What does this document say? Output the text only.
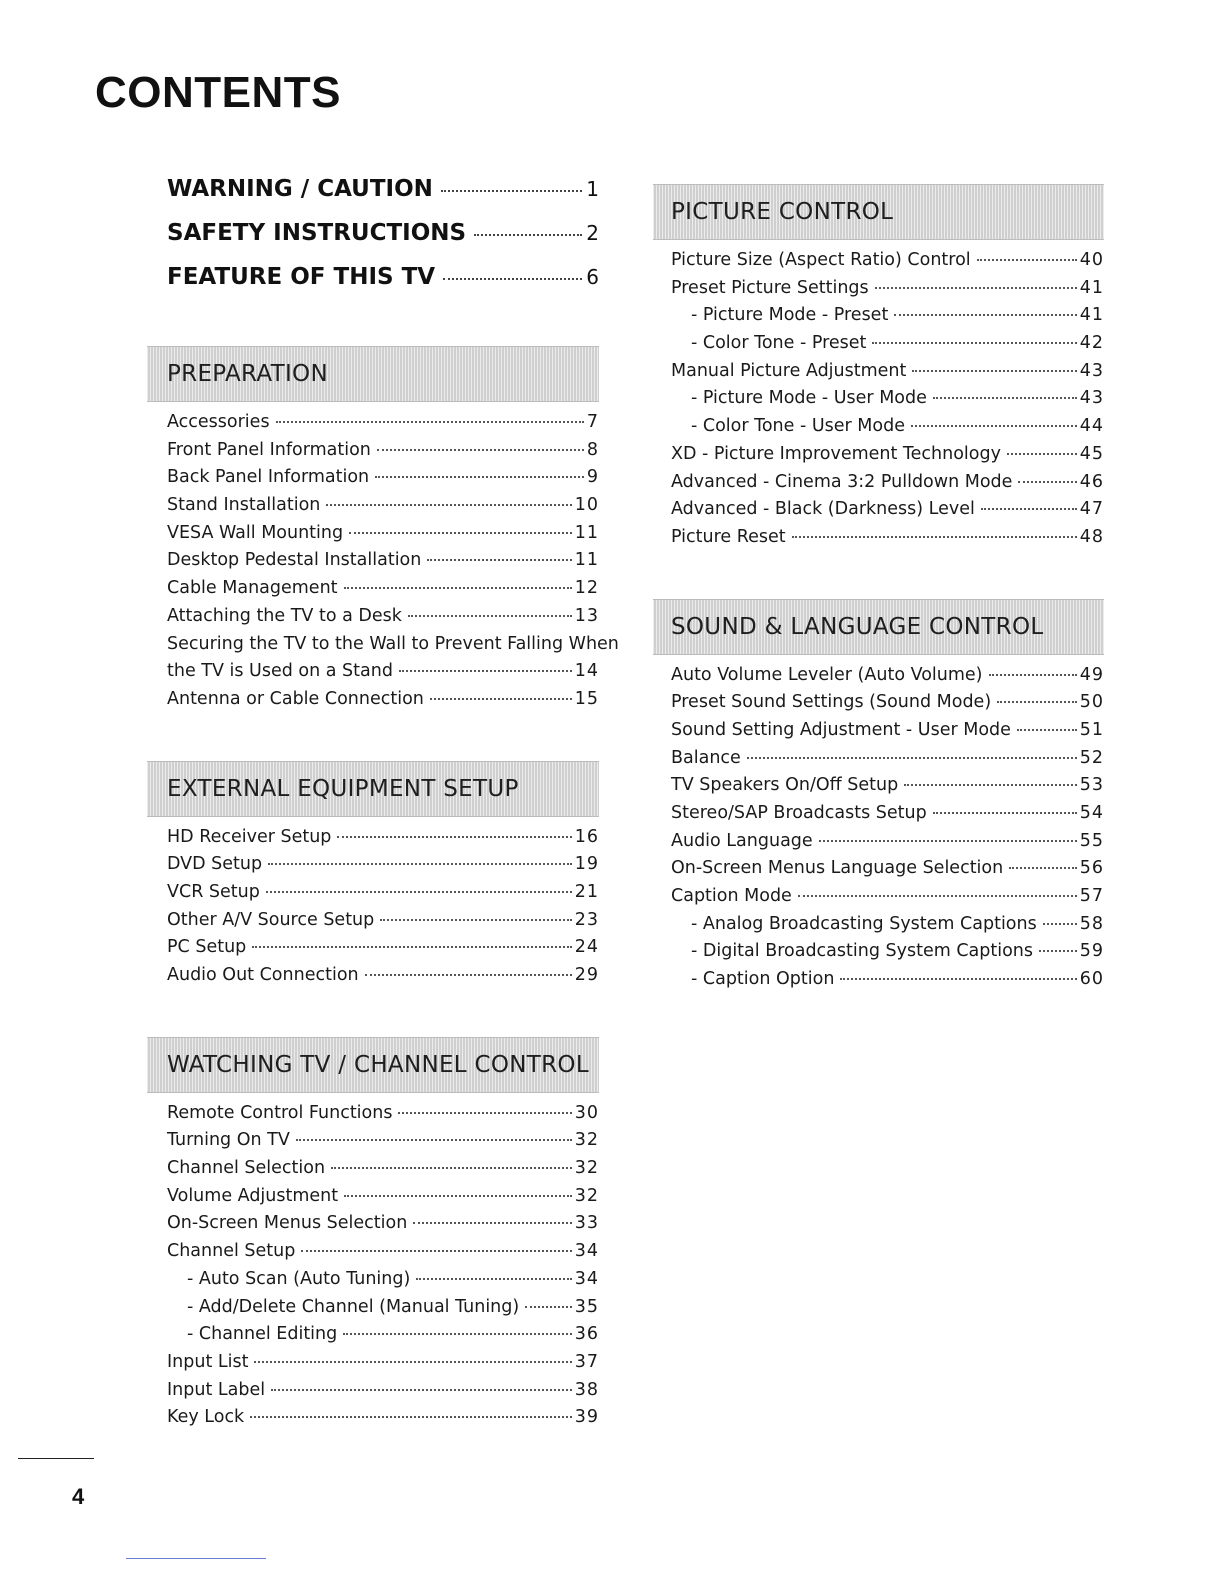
CONTENTS
WARNING / CAUTION	1
SAFETY INSTRUCTIONS	2
FEATURE OF THIS TV	6
PREPARATION
Accessories	7
Front Panel Information	8
Back Panel Information	9
Stand Installation	10
VESA Wall Mounting	11
Desktop Pedestal Installation	11
Cable Management	12
Attaching the TV to a Desk	13
Securing the TV to the Wall to Prevent Falling When
the TV is Used on a Stand	14
Antenna or Cable Connection	15
EXTERNAL EQUIPMENT SETUP
HD Receiver Setup	16
DVD Setup	19
VCR Setup	21
Other A/V Source Setup	23
PC Setup	24
Audio Out Connection	29
WATCHING TV / CHANNEL CONTROL
Remote Control Functions	30
Turning On TV	32
Channel Selection	32
Volume Adjustment	32
On-Screen Menus Selection	33
Channel Setup	34
- Auto Scan (Auto Tuning)	34
- Add/Delete Channel (Manual Tuning)	35
- Channel Editing	36
Input List	37
Input Label	38
Key Lock	39
PICTURE CONTROL
Picture Size (Aspect Ratio) Control	40
Preset Picture Settings	41
- Picture Mode - Preset	41
- Color Tone - Preset	42
Manual Picture Adjustment	43
- Picture Mode - User Mode	43
- Color Tone - User Mode	44
XD - Picture Improvement Technology	45
Advanced - Cinema 3:2 Pulldown Mode	46
Advanced - Black (Darkness) Level	47
Picture Reset	48
SOUND & LANGUAGE CONTROL
Auto Volume Leveler (Auto Volume)	49
Preset Sound Settings (Sound Mode)	50
Sound Setting Adjustment - User Mode	51
Balance	52
TV Speakers On/Off Setup	53
Stereo/SAP Broadcasts Setup	54
Audio Language	55
On-Screen Menus Language Selection	56
Caption Mode	57
- Analog Broadcasting System Captions 58
- Digital Broadcasting System Captions	59
- Caption Option	60
4
